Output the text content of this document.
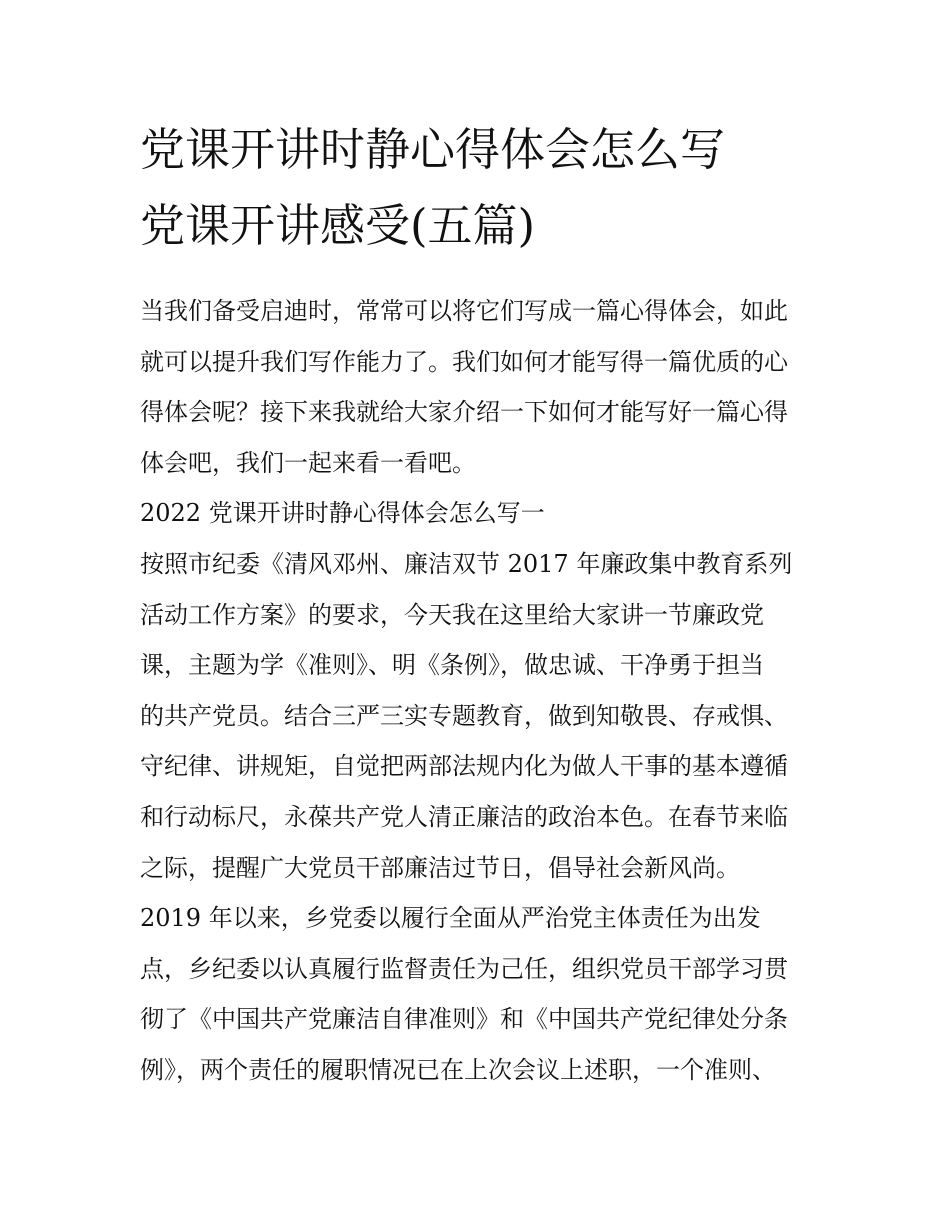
党课开讲时静心得体会怎么写
党课开讲感受(五篇)
当我们备受启迪时，常常可以将它们写成一篇心得体会，如此
就可以提升我们写作能力了。我们如何才能写得一篇优质的心
得体会呢？接下来我就给大家介绍一下如何才能写好一篇心得
体会吧，我们一起来看一看吧。
2022 党课开讲时静心得体会怎么写一
按照市纪委《清风邓州、廉洁双节 2017 年廉政集中教育系列
活动工作方案》的要求，今天我在这里给大家讲一节廉政党
课，主题为学《准则》、明《条例》，做忠诚、干净勇于担当
的共产党员。结合三严三实专题教育，做到知敬畏、存戒惧、
守纪律、讲规矩，自觉把两部法规内化为做人干事的基本遵循
和行动标尺，永葆共产党人清正廉洁的政治本色。在春节来临
之际，提醒广大党员干部廉洁过节日，倡导社会新风尚。
2019 年以来，乡党委以履行全面从严治党主体责任为出发
点，乡纪委以认真履行监督责任为己任，组织党员干部学习贯
彻了《中国共产党廉洁自律准则》和《中国共产党纪律处分条
例》，两个责任的履职情况已在上次会议上述职，一个准则、
